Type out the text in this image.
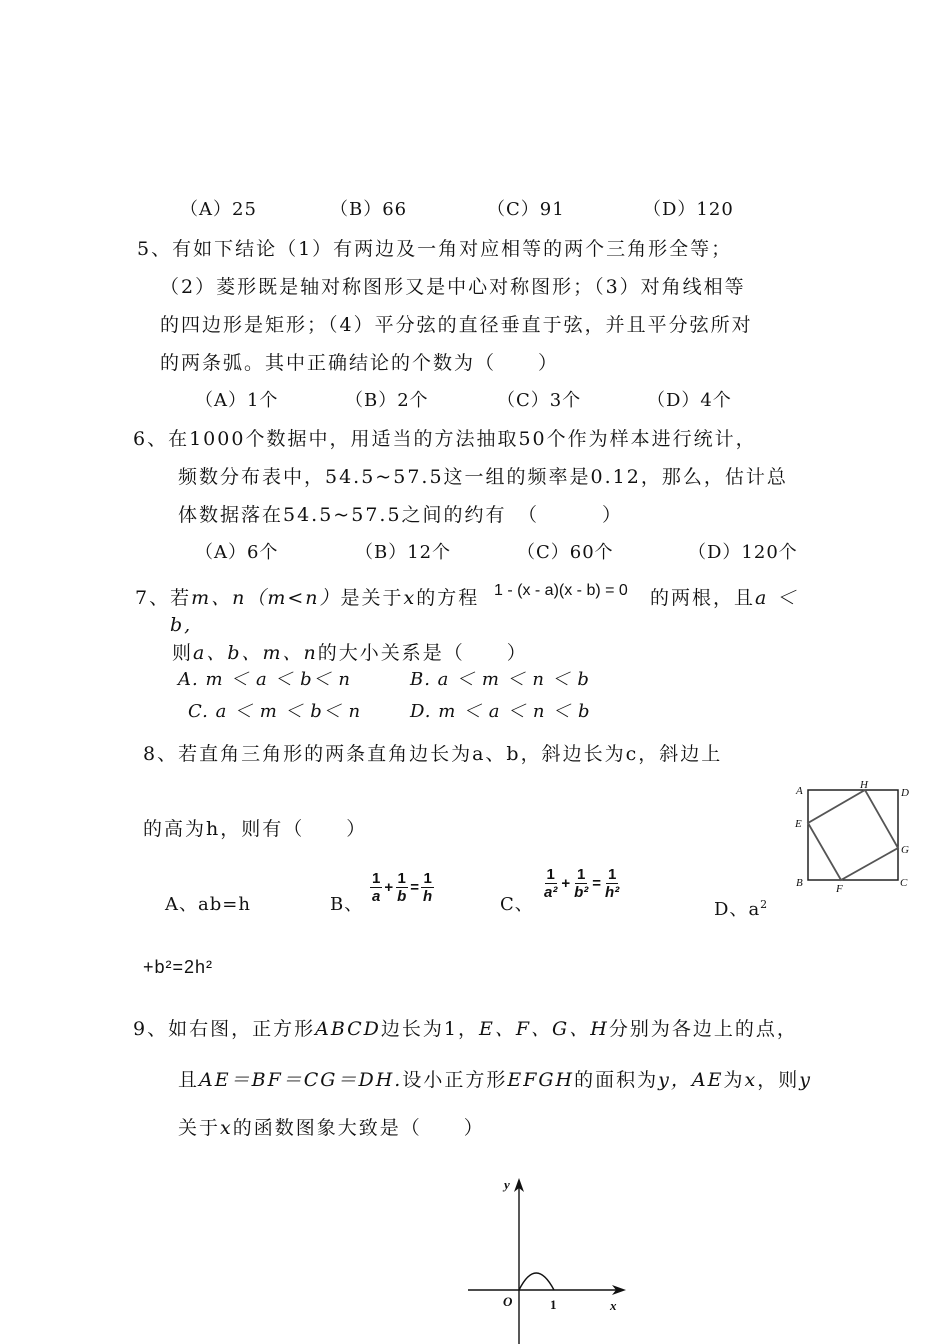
（A）25	（B）66	（C）91	（D）120
5、有如下结论（1）有两边及一角对应相等的两个三角形全等；
（2）菱形既是轴对称图形又是中心对称图形；（3）对角线相等
的四边形是矩形；（4）平分弦的直径垂直于弦，并且平分弦所对
的两条弧。其中正确结论的个数为（　　）
（A）1个	（B）2个	（C）3个	（D）4个
6、在1000个数据中，用适当的方法抽取50个作为样本进行统计，
频数分布表中，54.5~57.5这一组的频率是0.12，那么，估计总
体数据落在54.5~57.5之间的约有　（　　　）
（A）6个	（B）12个	（C）60个	（D）120个
7、若m、n（m<n）是关于x的方程 1 - (x - a)(x - b) = 0 的两根，且a ＜
b,
则a、b、m、n的大小关系是（　　）
A. m ＜ a ＜ b＜ n	B. a ＜ m ＜ n ＜ b
C. a ＜ m ＜ b＜ n	D. m ＜ a ＜ n ＜ b
8、若直角三角形的两条直角边长为a、b，斜边长为c，斜边上
的高为h，则有（　　）
A、ab=h	B、
1
a
+ $\frac{1}{b} = \frac{1}{h}$	C、
1
a²
+ $\frac{1}{\text{b²}} = \frac{1}{\text{h²}}$
D、$a^2$
+b²=2h²
A
B	C
D
E
F
G
H
9、如右图，正方形ABCD边长为1，E、F、G、H分别为各边上的点，
且AE＝BF＝CG＝DH.设小正方形EFGH的面积为y，AE为x，则y
关于x的函数图象大致是（　　）
y
x
O	1
